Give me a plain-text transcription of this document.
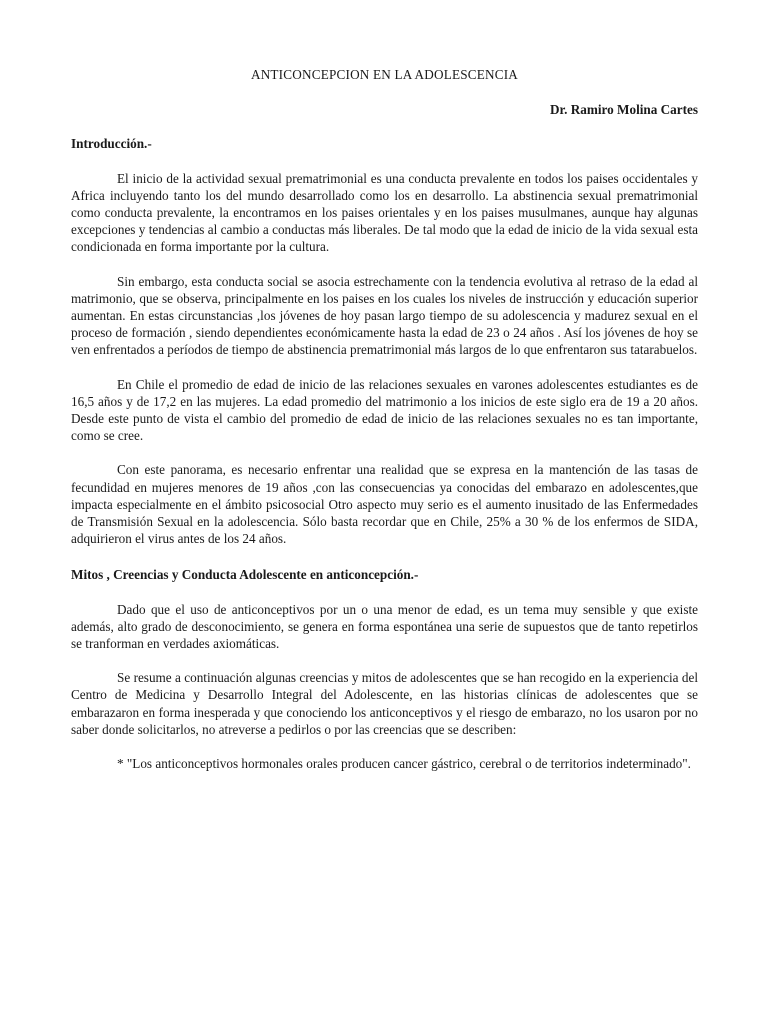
ANTICONCEPCION EN LA ADOLESCENCIA

Dr. Ramiro Molina Cartes

Introducción.-

El inicio de la actividad sexual prematrimonial es una conducta prevalente en todos los paises occidentales y Africa incluyendo tanto los del mundo desarrollado como los en desarrollo. La abstinencia sexual prematrimonial como conducta prevalente, la encontramos en los paises orientales y en los paises musulmanes, aunque hay algunas excepciones y tendencias al cambio a conductas más liberales. De tal modo que la edad de inicio de la vida sexual esta condicionada en forma importante por la cultura.

Sin embargo, esta conducta social se asocia estrechamente con la tendencia evolutiva al retraso de la edad al matrimonio, que se observa, principalmente en los paises en los cuales los niveles de instrucción y educación superior aumentan. En estas circunstancias ,los jóvenes de hoy pasan largo tiempo de su adolescencia y madurez sexual en el proceso de formación , siendo dependientes económicamente hasta la edad de 23 o 24 años . Así los jóvenes de hoy se ven enfrentados a períodos de tiempo de abstinencia prematrimonial más largos de lo que enfrentaron sus tatarabuelos.

En Chile el promedio de edad de inicio de las relaciones sexuales en varones adolescentes estudiantes es de 16,5 años y de 17,2 en las mujeres. La edad promedio del matrimonio a los inicios de este siglo era de 19 a 20 años. Desde este punto de vista el cambio del promedio de edad de inicio de las relaciones sexuales no es tan importante, como se cree.

Con este panorama, es necesario enfrentar una realidad que se expresa en la mantención de las tasas de fecundidad en mujeres menores de 19 años ,con las consecuencias ya conocidas del embarazo en adolescentes,que impacta especialmente en el ámbito psicosocial Otro aspecto muy serio es el aumento inusitado de las Enfermedades de Transmisión Sexual en la adolescencia. Sólo basta recordar que en Chile, 25% a 30 % de los enfermos de SIDA, adquirieron el virus antes de los 24 años.

Mitos , Creencias y Conducta Adolescente en anticoncepción.-

Dado que el uso de anticonceptivos por un o una menor de edad, es un tema muy sensible y que existe además, alto grado de desconocimiento, se genera en forma espontánea una serie de supuestos que de tanto repetirlos se tranforman en verdades axiomáticas.

Se resume a continuación algunas creencias y mitos de adolescentes que se han recogido en la experiencia del Centro de Medicina y Desarrollo Integral del Adolescente, en las historias clínicas de adolescentes que se embarazaron en forma inesperada y que conociendo los anticonceptivos y el riesgo de embarazo, no los usaron por no saber donde solicitarlos, no atreverse a pedirlos o por las creencias que se describen:

* "Los anticonceptivos hormonales orales producen cancer gástrico, cerebral o de territorios indeterminado".
